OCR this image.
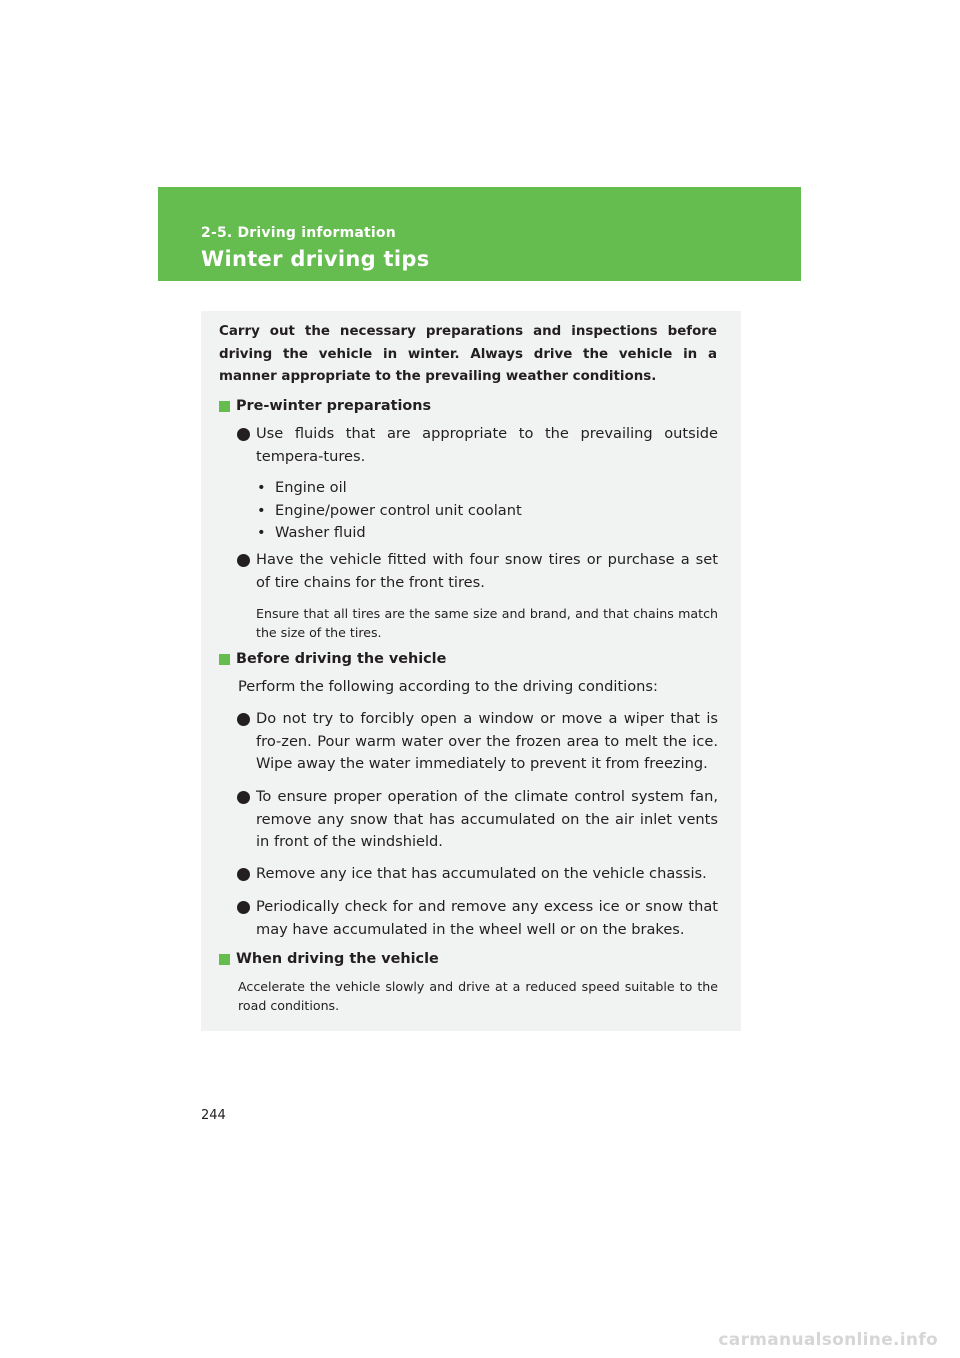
2-5. Driving information
Winter driving tips
Carry out the necessary preparations and inspections before driving the vehicle in winter. Always drive the vehicle in a manner appropriate to the prevailing weather conditions.
Pre-winter preparations
Use fluids that are appropriate to the prevailing outside tempera-tures.
• Engine oil
• Engine/power control unit coolant
• Washer fluid
Have the vehicle fitted with four snow tires or purchase a set of tire chains for the front tires.
Ensure that all tires are the same size and brand, and that chains match the size of the tires.
Before driving the vehicle
Perform the following according to the driving conditions:
Do not try to forcibly open a window or move a wiper that is fro-zen. Pour warm water over the frozen area to melt the ice. Wipe away the water immediately to prevent it from freezing.
To ensure proper operation of the climate control system fan, remove any snow that has accumulated on the air inlet vents in front of the windshield.
Remove any ice that has accumulated on the vehicle chassis.
Periodically check for and remove any excess ice or snow that may have accumulated in the wheel well or on the brakes.
When driving the vehicle
Accelerate the vehicle slowly and drive at a reduced speed suitable to the road conditions.
244
carmanualsonline.info
